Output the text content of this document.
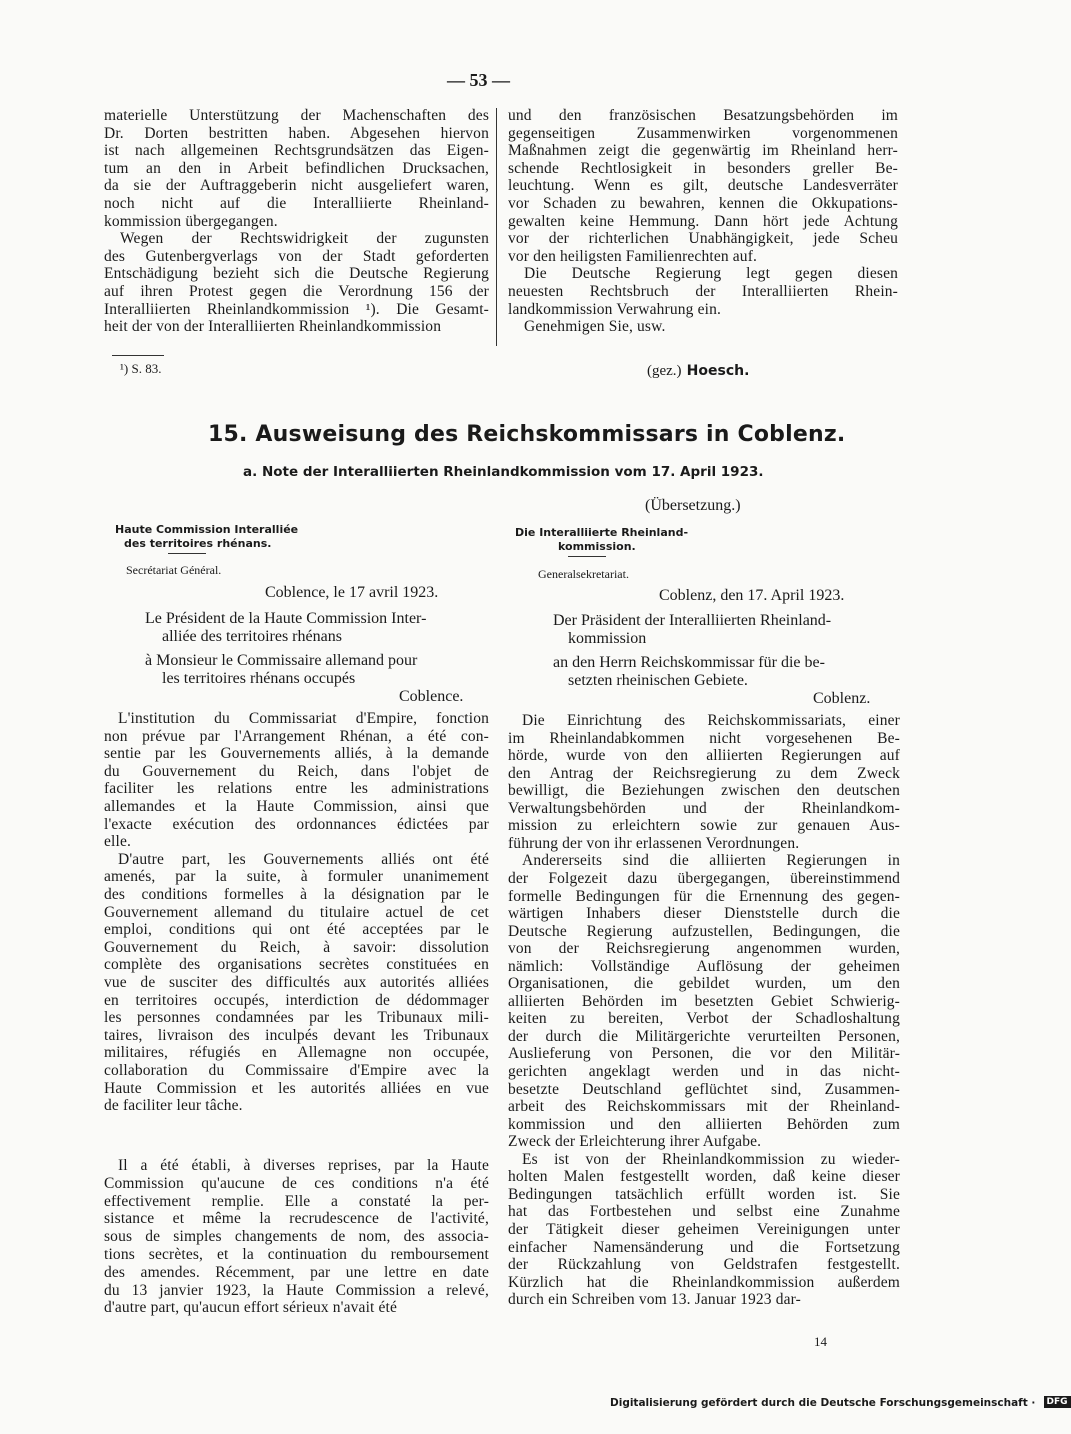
— 53 —
materielle Unterstützung der Machenschaften des
Dr. Dorten bestritten haben. Abgesehen hiervon
ist nach allgemeinen Rechtsgrundsätzen das Eigen-
tum an den in Arbeit befindlichen Drucksachen,
da sie der Auftraggeberin nicht ausgeliefert waren,
noch nicht auf die Interalliierte Rheinland-
kommission übergegangen.
Wegen der Rechtswidrigkeit der zugunsten
des Gutenbergverlags von der Stadt geforderten
Entschädigung bezieht sich die Deutsche Regierung
auf ihren Protest gegen die Verordnung 156 der
Interalliierten Rheinlandkommission ¹). Die Gesamt-
heit der von der Interalliierten Rheinlandkommission
und den französischen Besatzungsbehörden im
gegenseitigen Zusammenwirken vorgenommenen
Maßnahmen zeigt die gegenwärtig im Rheinland herr-
schende Rechtlosigkeit in besonders greller Be-
leuchtung. Wenn es gilt, deutsche Landesverräter
vor Schaden zu bewahren, kennen die Okkupations-
gewalten keine Hemmung. Dann hört jede Achtung
vor der richterlichen Unabhängigkeit, jede Scheu
vor den heiligsten Familienrechten auf.
Die Deutsche Regierung legt gegen diesen
neuesten Rechtsbruch der Interalliierten Rhein-
landkommission Verwahrung ein.
Genehmigen Sie, usw.
¹) S. 83.	(gez.) Hoesch.
15. Ausweisung des Reichskommissars in Coblenz.
a. Note der Interalliierten Rheinlandkommission vom 17. April 1923.
(Übersetzung.)
Haute Commission Interalliée
des territoires rhénans.
Secrétariat Général.
Coblence, le 17 avril 1923.
Le Président de la Haute Commission Inter-
alliée des territoires rhénans
à Monsieur le Commissaire allemand pour
les territoires rhénans occupés
Coblence.
Die Interalliierte Rheinland-
kommission.
Generalsekretariat.
Coblenz, den 17. April 1923.
Der Präsident der Interalliierten Rheinland-
kommission
an den Herrn Reichskommissar für die be-
setzten rheinischen Gebiete.
Coblenz.
L'institution du Commissariat d'Empire, fonction
non prévue par l'Arrangement Rhénan, a été con-
sentie par les Gouvernements alliés, à la demande
du Gouvernement du Reich, dans l'objet de
faciliter les relations entre les administrations
allemandes et la Haute Commission, ainsi que
l'exacte exécution des ordonnances édictées par
elle.
D'autre part, les Gouvernements alliés ont été
amenés, par la suite, à formuler unanimement
des conditions formelles à la désignation par le
Gouvernement allemand du titulaire actuel de cet
emploi, conditions qui ont été acceptées par le
Gouvernement du Reich, à savoir: dissolution
complète des organisations secrètes constituées en
vue de susciter des difficultés aux autorités alliées
en territoires occupés, interdiction de dédommager
les personnes condamnées par les Tribunaux mili-
taires, livraison des inculpés devant les Tribunaux
militaires, réfugiés en Allemagne non occupée,
collaboration du Commissaire d'Empire avec la
Haute Commission et les autorités alliées en vue
de faciliter leur tâche.
Il a été établi, à diverses reprises, par la Haute
Commission qu'aucune de ces conditions n'a été
effectivement remplie. Elle a constaté la per-
sistance et même la recrudescence de l'activité,
sous de simples changements de nom, des associa-
tions secrètes, et la continuation du remboursement
des amendes. Récemment, par une lettre en date
du 13 janvier 1923, la Haute Commission a relevé,
d'autre part, qu'aucun effort sérieux n'avait été
Die Einrichtung des Reichskommissariats, einer
im Rheinlandabkommen nicht vorgesehenen Be-
hörde, wurde von den alliierten Regierungen auf
den Antrag der Reichsregierung zu dem Zweck
bewilligt, die Beziehungen zwischen den deutschen
Verwaltungsbehörden und der Rheinlandkom-
mission zu erleichtern sowie zur genauen Aus-
führung der von ihr erlassenen Verordnungen.
Andererseits sind die alliierten Regierungen in
der Folgezeit dazu übergegangen, übereinstimmend
formelle Bedingungen für die Ernennung des gegen-
wärtigen Inhabers dieser Dienststelle durch die
Deutsche Regierung aufzustellen, Bedingungen, die
von der Reichsregierung angenommen wurden,
nämlich: Vollständige Auflösung der geheimen
Organisationen, die gebildet wurden, um den
alliierten Behörden im besetzten Gebiet Schwierig-
keiten zu bereiten, Verbot der Schadloshaltung
der durch die Militärgerichte verurteilten Personen,
Auslieferung von Personen, die vor den Militär-
gerichten angeklagt werden und in das nicht-
besetzte Deutschland geflüchtet sind, Zusammen-
arbeit des Reichskommissars mit der Rheinland-
kommission und den alliierten Behörden zum
Zweck der Erleichterung ihrer Aufgabe.
Es ist von der Rheinlandkommission zu wieder-
holten Malen festgestellt worden, daß keine dieser
Bedingungen tatsächlich erfüllt worden ist. Sie
hat das Fortbestehen und selbst eine Zunahme
der Tätigkeit dieser geheimen Vereinigungen unter
einfacher Namensänderung und die Fortsetzung
der Rückzahlung von Geldstrafen festgestellt.
Kürzlich hat die Rheinlandkommission außerdem
durch ein Schreiben vom 13. Januar 1923 dar-
14
Digitalisierung gefördert durch die Deutsche Forschungsgemeinschaft · DFG
